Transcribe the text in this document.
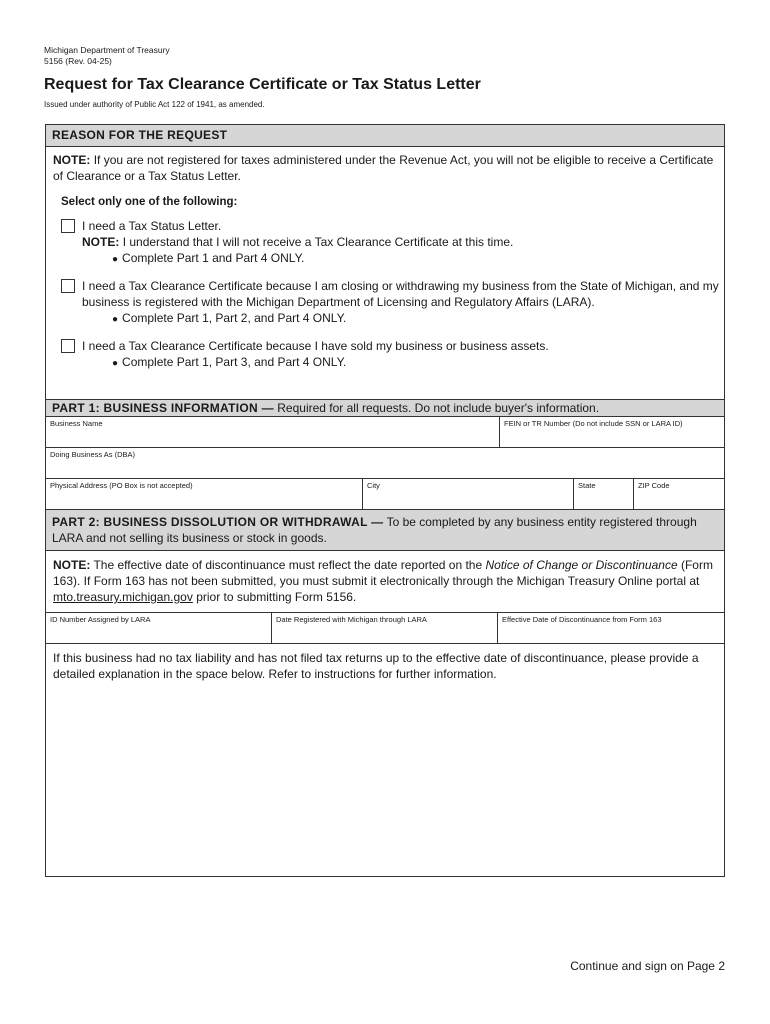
Michigan Department of Treasury
5156 (Rev. 04-25)
Request for Tax Clearance Certificate or Tax Status Letter
Issued under authority of Public Act 122 of 1941, as amended.
REASON FOR THE REQUEST
NOTE: If you are not registered for taxes administered under the Revenue Act, you will not be eligible to receive a Certificate of Clearance or a Tax Status Letter.
Select only one of the following:
I need a Tax Status Letter.
NOTE: I understand that I will not receive a Tax Clearance Certificate at this time.
● Complete Part 1 and Part 4 ONLY.
I need a Tax Clearance Certificate because I am closing or withdrawing my business from the State of Michigan, and my business is registered with the Michigan Department of Licensing and Regulatory Affairs (LARA).
● Complete Part 1, Part 2, and Part 4 ONLY.
I need a Tax Clearance Certificate because I have sold my business or business assets.
● Complete Part 1, Part 3, and Part 4 ONLY.
PART 1: BUSINESS INFORMATION — Required for all requests. Do not include buyer's information.
Business Name	FEIN or TR Number (Do not include SSN or LARA ID)
Doing Business As (DBA)
Physical Address (PO Box is not accepted)	City	State	ZIP Code
PART 2: BUSINESS DISSOLUTION OR WITHDRAWAL — To be completed by any business entity registered through LARA and not selling its business or stock in goods.
NOTE: The effective date of discontinuance must reflect the date reported on the Notice of Change or Discontinuance (Form 163). If Form 163 has not been submitted, you must submit it electronically through the Michigan Treasury Online portal at mto.treasury.michigan.gov prior to submitting Form 5156.
ID Number Assigned by LARA	Date Registered with Michigan through LARA	Effective Date of Discontinuance from Form 163
If this business had no tax liability and has not filed tax returns up to the effective date of discontinuance, please provide a detailed explanation in the space below. Refer to instructions for further information.
Continue and sign on Page 2
